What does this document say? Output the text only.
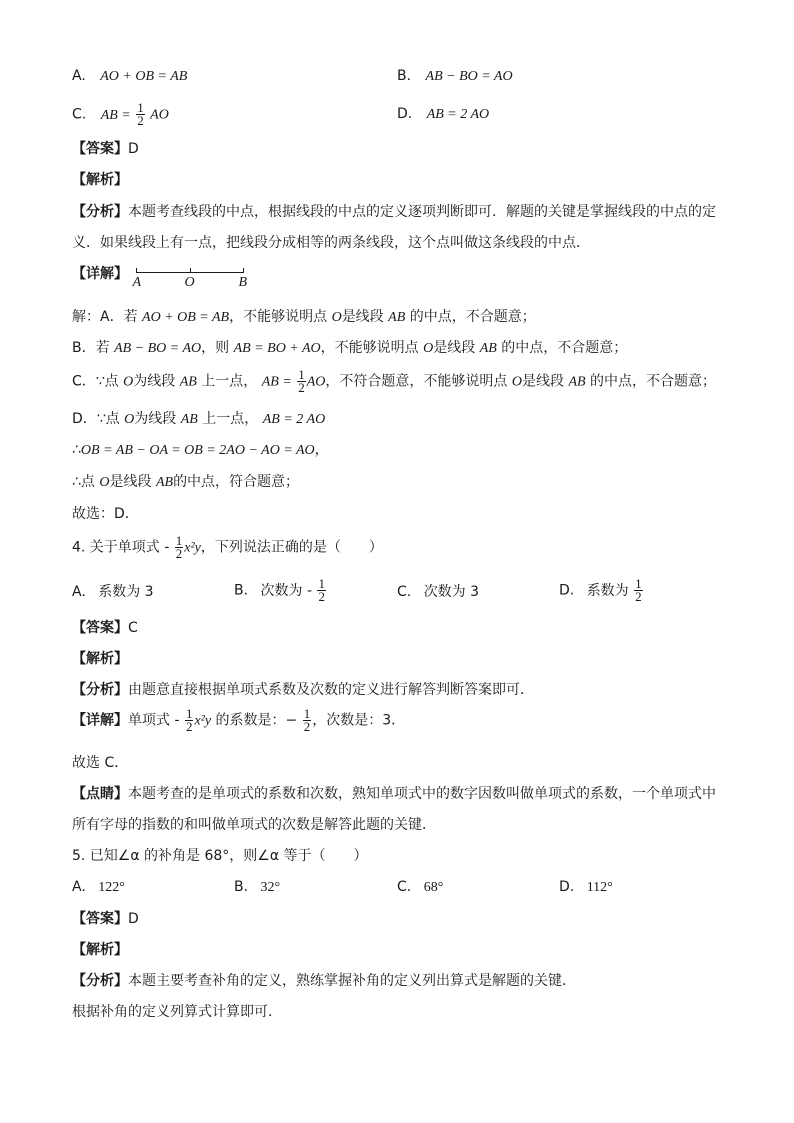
A. AO + OB = AB	B. AB − BO = AO
C. AB = $\frac{1}{2}$ AO	D. AB = 2 AO
【答案】D
【解析】
【分析】本题考查线段的中点，根据线段的中点的定义逐项判断即可．解题的关键是掌握线段的中点的定
义．如果线段上有一点，把线段分成相等的两条线段，这个点叫做这条线段的中点．
【详解】
A	O	B
解：A．若 AO + OB = AB，不能够说明点 O是线段 AB 的中点，不合题意；
B．若 AB − BO = AO，则 AB = BO + AO，不能够说明点 O是线段 AB 的中点，不合题意；
C．∵点 O为线段 AB 上一点， AB = $\frac{1}{2}$ AO，不符合题意，不能够说明点 O是线段 AB 的中点，不合题意；
D．∵点 O为线段 AB 上一点， AB = 2 AO
∴OB = AB − OA = OB = 2AO − AO = AO，
∴点 O是线段 AB的中点，符合题意；
故选：D．
4. 关于单项式 - $\frac{1}{2} x^2y$，下列说法正确的是（　　）
A. 系数为 3	B. 次数为 - $\frac{1}{2}$	C. 次数为 3	D. 系数为 $\frac{1}{2}$
【答案】C
【解析】
【分析】由题意直接根据单项式系数及次数的定义进行解答判断答案即可．
【详解】单项式 - $\frac{1}{2} x^2y$ 的系数是：− $\frac{1}{2}$ ，次数是：3．
故选 C．
【点睛】本题考查的是单项式的系数和次数，熟知单项式中的数字因数叫做单项式的系数，一个单项式中
所有字母的指数的和叫做单项式的次数是解答此题的关键．
5. 已知∠α 的补角是 68°，则∠α 等于（　　）
A. 122°	B. 32°	C. 68°	D. 112°
【答案】D
【解析】
【分析】本题主要考查补角的定义，熟练掌握补角的定义列出算式是解题的关键．
根据补角的定义列算式计算即可．
